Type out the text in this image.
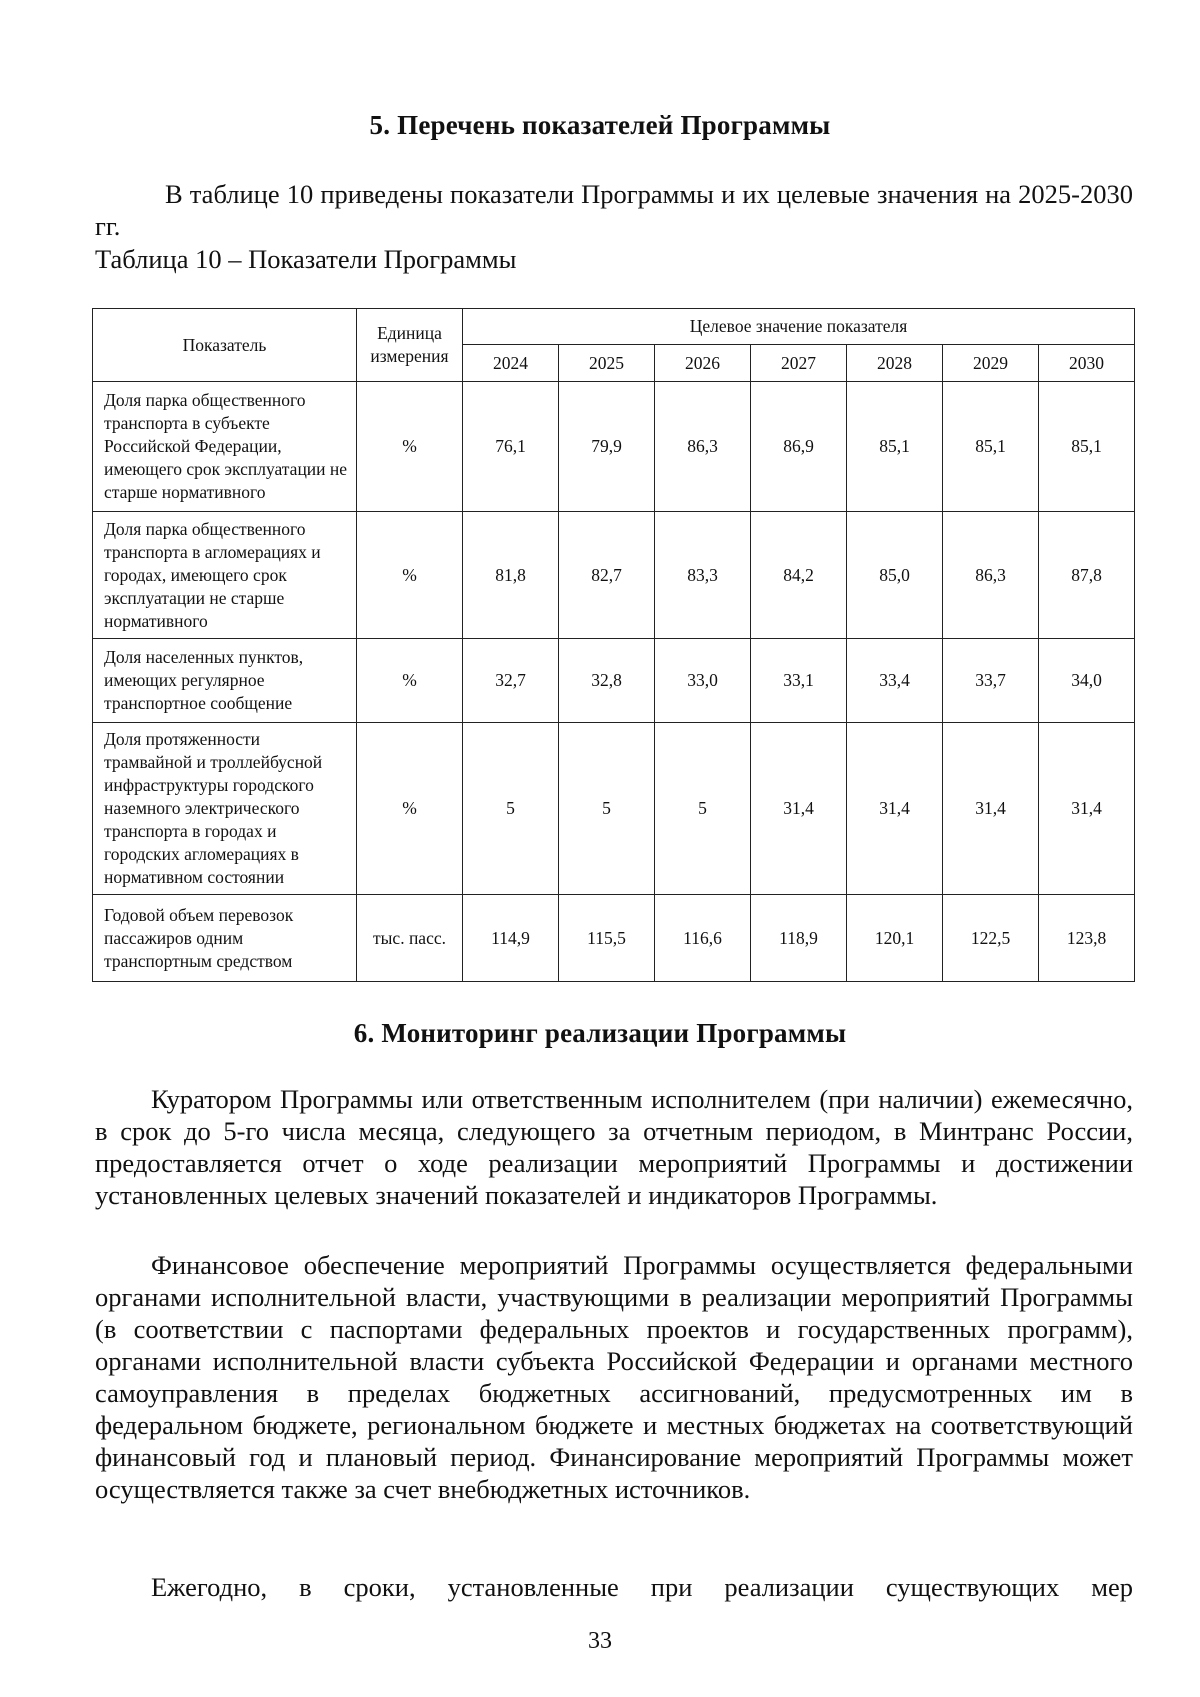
5. Перечень показателей Программы
В таблице 10 приведены показатели Программы и их целевые значения на 2025-2030 гг.
Таблица 10 – Показатели Программы
Показатель	Единица измерения	Целевое значение показателя						
		2024	2025	2026	2027	2028	2029	2030
Доля парка общественного транспорта в субъекте Российской Федерации, имеющего срок эксплуатации не старше нормативного	%	76,1	79,9	86,3	86,9	85,1	85,1	85,1
Доля парка общественного транспорта в агломерациях и городах, имеющего срок эксплуатации не старше нормативного	%	81,8	82,7	83,3	84,2	85,0	86,3	87,8
Доля населенных пунктов, имеющих регулярное транспортное сообщение	%	32,7	32,8	33,0	33,1	33,4	33,7	34,0
Доля протяженности трамвайной и троллейбусной инфраструктуры городского наземного электрического транспорта в городах и городских агломерациях в нормативном состоянии	%	5	5	5	31,4	31,4	31,4	31,4
Годовой объем перевозок пассажиров одним транспортным средством	тыс. пасс.	114,9	115,5	116,6	118,9	120,1	122,5	123,8
6. Мониторинг реализации Программы
Куратором Программы или ответственным исполнителем (при наличии) ежемесячно, в срок до 5-го числа месяца, следующего за отчетным периодом, в Минтранс России, предоставляется отчет о ходе реализации мероприятий Программы и достижении установленных целевых значений показателей и индикаторов Программы.
Финансовое обеспечение мероприятий Программы осуществляется федеральными органами исполнительной власти, участвующими в реализации мероприятий Программы (в соответствии с паспортами федеральных проектов и государственных программ), органами исполнительной власти субъекта Российской Федерации и органами местного самоуправления в пределах бюджетных ассигнований, предусмотренных им в федеральном бюджете, региональном бюджете и местных бюджетах на соответствующий финансовый год и плановый период. Финансирование мероприятий Программы может осуществляется также за счет внебюджетных источников.
Ежегодно, в сроки, установленные при реализации существующих мер
33
